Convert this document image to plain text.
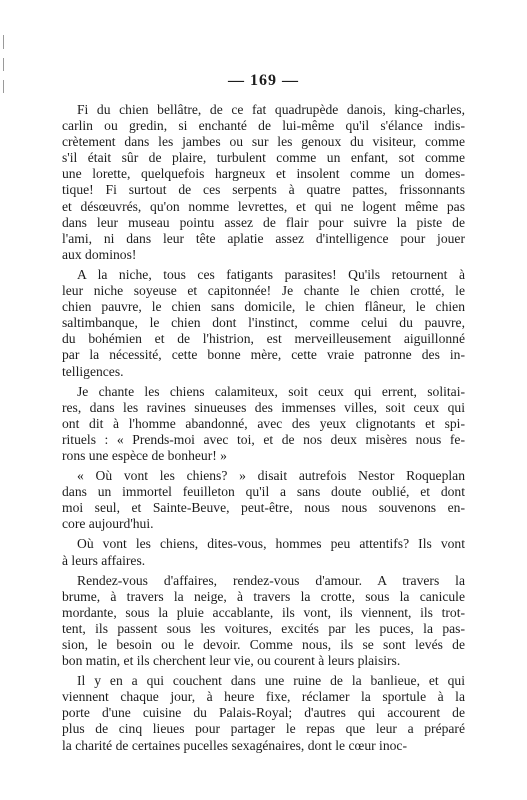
— 169 —
Fi du chien bellâtre, de ce fat quadrupède danois, king-charles,
carlin ou gredin, si enchanté de lui-même qu'il s'élance indis-
crètement dans les jambes ou sur les genoux du visiteur, comme
s'il était sûr de plaire, turbulent comme un enfant, sot comme
une lorette, quelquefois hargneux et insolent comme un domes-
tique! Fi surtout de ces serpents à quatre pattes, frissonnants
et désœuvrés, qu'on nomme levrettes, et qui ne logent même pas
dans leur museau pointu assez de flair pour suivre la piste de
l'ami, ni dans leur tête aplatie assez d'intelligence pour jouer
aux dominos!
A la niche, tous ces fatigants parasites! Qu'ils retournent à
leur niche soyeuse et capitonnée! Je chante le chien crotté, le
chien pauvre, le chien sans domicile, le chien flâneur, le chien
saltimbanque, le chien dont l'instinct, comme celui du pauvre,
du bohémien et de l'histrion, est merveilleusement aiguillonné
par la nécessité, cette bonne mère, cette vraie patronne des in-
telligences.
Je chante les chiens calamiteux, soit ceux qui errent, solitai-
res, dans les ravines sinueuses des immenses villes, soit ceux qui
ont dit à l'homme abandonné, avec des yeux clignotants et spi-
rituels : « Prends-moi avec toi, et de nos deux misères nous fe-
rons une espèce de bonheur! »
« Où vont les chiens? » disait autrefois Nestor Roqueplan
dans un immortel feuilleton qu'il a sans doute oublié, et dont
moi seul, et Sainte-Beuve, peut-être, nous nous souvenons en-
core aujourd'hui.
Où vont les chiens, dites-vous, hommes peu attentifs? Ils vont
à leurs affaires.
Rendez-vous d'affaires, rendez-vous d'amour. A travers la
brume, à travers la neige, à travers la crotte, sous la canicule
mordante, sous la pluie accablante, ils vont, ils viennent, ils trot-
tent, ils passent sous les voitures, excités par les puces, la pas-
sion, le besoin ou le devoir. Comme nous, ils se sont levés de
bon matin, et ils cherchent leur vie, ou courent à leurs plaisirs.
Il y en a qui couchent dans une ruine de la banlieue, et qui
viennent chaque jour, à heure fixe, réclamer la sportule à la
porte d'une cuisine du Palais-Royal; d'autres qui accourent de
plus de cinq lieues pour partager le repas que leur a préparé
la charité de certaines pucelles sexagénaires, dont le cœur inoc-
